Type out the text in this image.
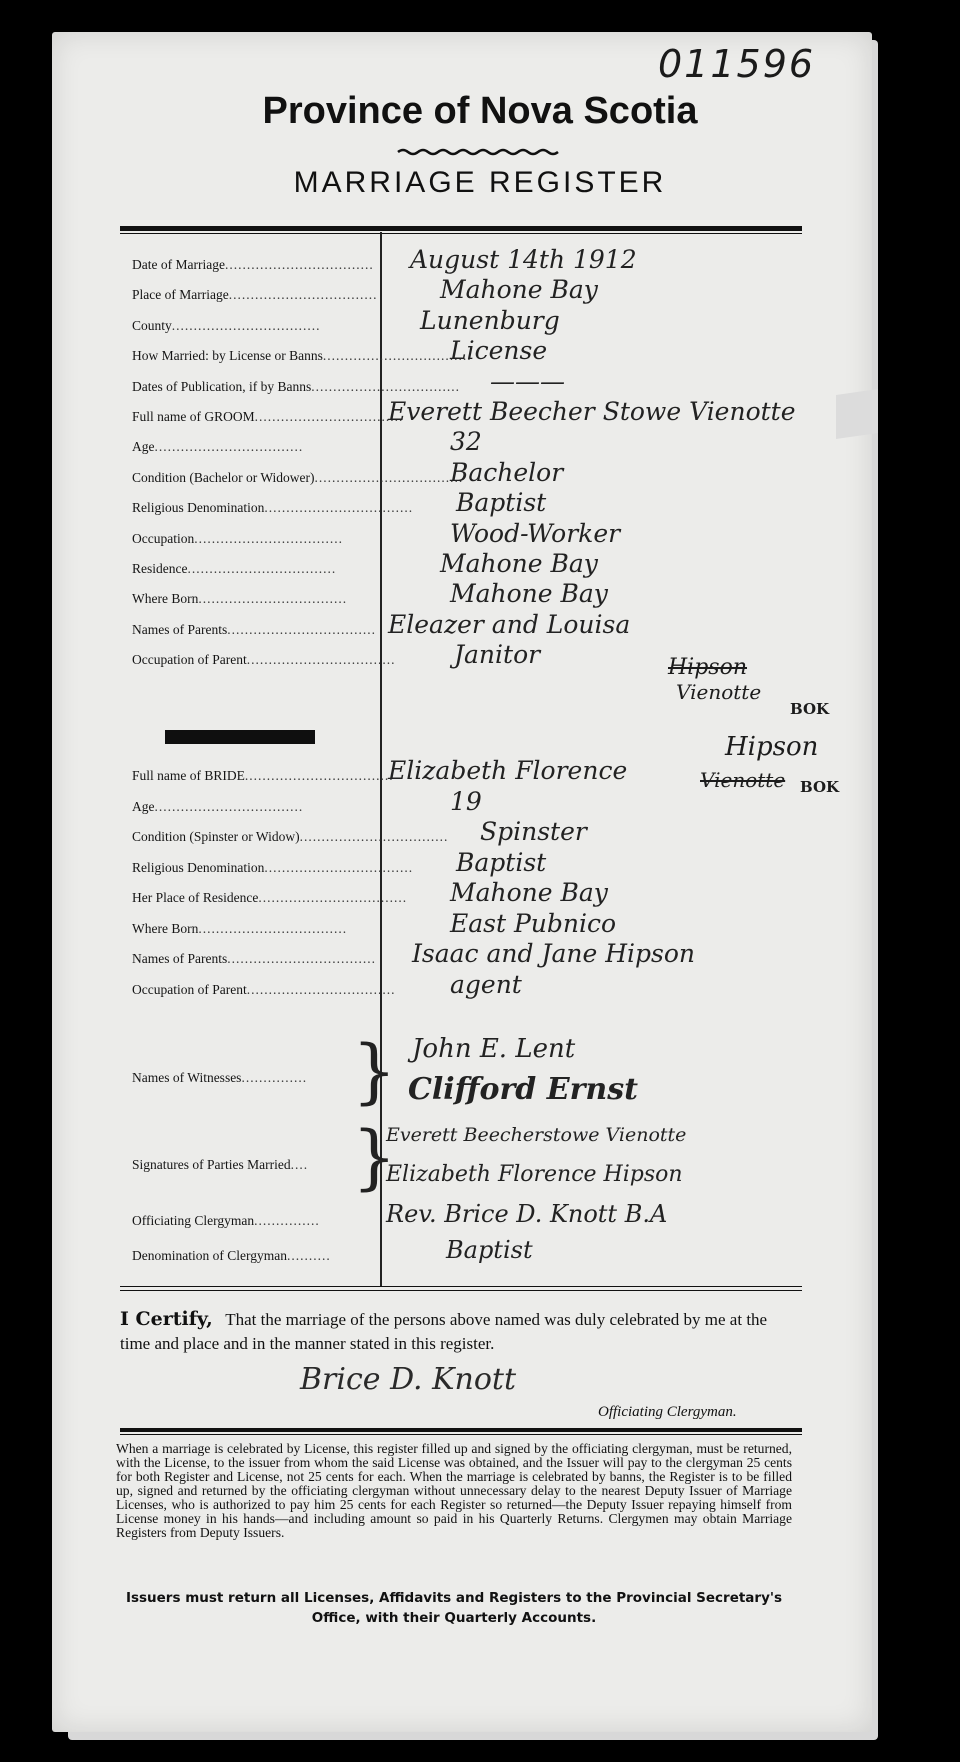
011596
Province of Nova Scotia
MARRIAGE REGISTER
Date of Marriage..................................	August 14th 1912
Place of Marriage..................................	Mahone Bay
County..................................	Lunenburg
How Married: by License or Banns..................................
License
Dates of Publication, if by Banns.................................. ———
Full name of GROOM..................................
Everett Beecher Stowe Vienotte
Age..................................	32
Condition (Bachelor or Widower)..................................
Bachelor
Religious Denomination.................................. Baptist
Occupation..................................	Wood-Worker
Residence..................................	Mahone Bay
Where Born..................................	Mahone Bay
Names of Parents.................................. Eleazer and Louisa
Occupation of Parent.................................. Janitor
Full name of BRIDE..................................
Elizabeth Florence
Age..................................	19
Condition (Spinster or Widow).................................. Spinster
Religious Denomination.................................. Baptist
Her Place of Residence.................................. Mahone Bay
Where Born..................................	East Pubnico
Names of Parents.................................. Isaac and Jane Hipson
Occupation of Parent.................................. agent
Vienotte
Hipson
BOK
Hipson
Vienotte BOK
Names of Witnesses............... } John E. Lent
Clifford Ernst
Signatures of Parties Married.... }
Everett Beecherstowe Vienotte
Elizabeth Florence Hipson
Officiating Clergyman...............	Rev. Brice D. Knott B.A
Denomination of Clergyman..........	Baptist
I Certify, That the marriage of the persons above named was duly celebrated by me at the time and place and in the manner stated in this register.
Brice D. Knott
Officiating Clergyman.
When a marriage is celebrated by License, this register filled up and signed by the officiating clergyman, must be returned, with the License, to the issuer from whom the said License was obtained, and the Issuer will pay to the clergyman 25 cents for both Register and License, not 25 cents for each. When the marriage is celebrated by banns, the Register is to be filled up, signed and returned by the officiating clergyman without unnecessary delay to the nearest Deputy Issuer of Marriage Licenses, who is authorized to pay him 25 cents for each Register so returned—the Deputy Issuer repaying himself from License money in his hands—and including amount so paid in his Quarterly Returns. Clergymen may obtain Marriage Registers from Deputy Issuers.
Issuers must return all Licenses, Affidavits and Registers to the Provincial Secretary's Office, with their Quarterly Accounts.
